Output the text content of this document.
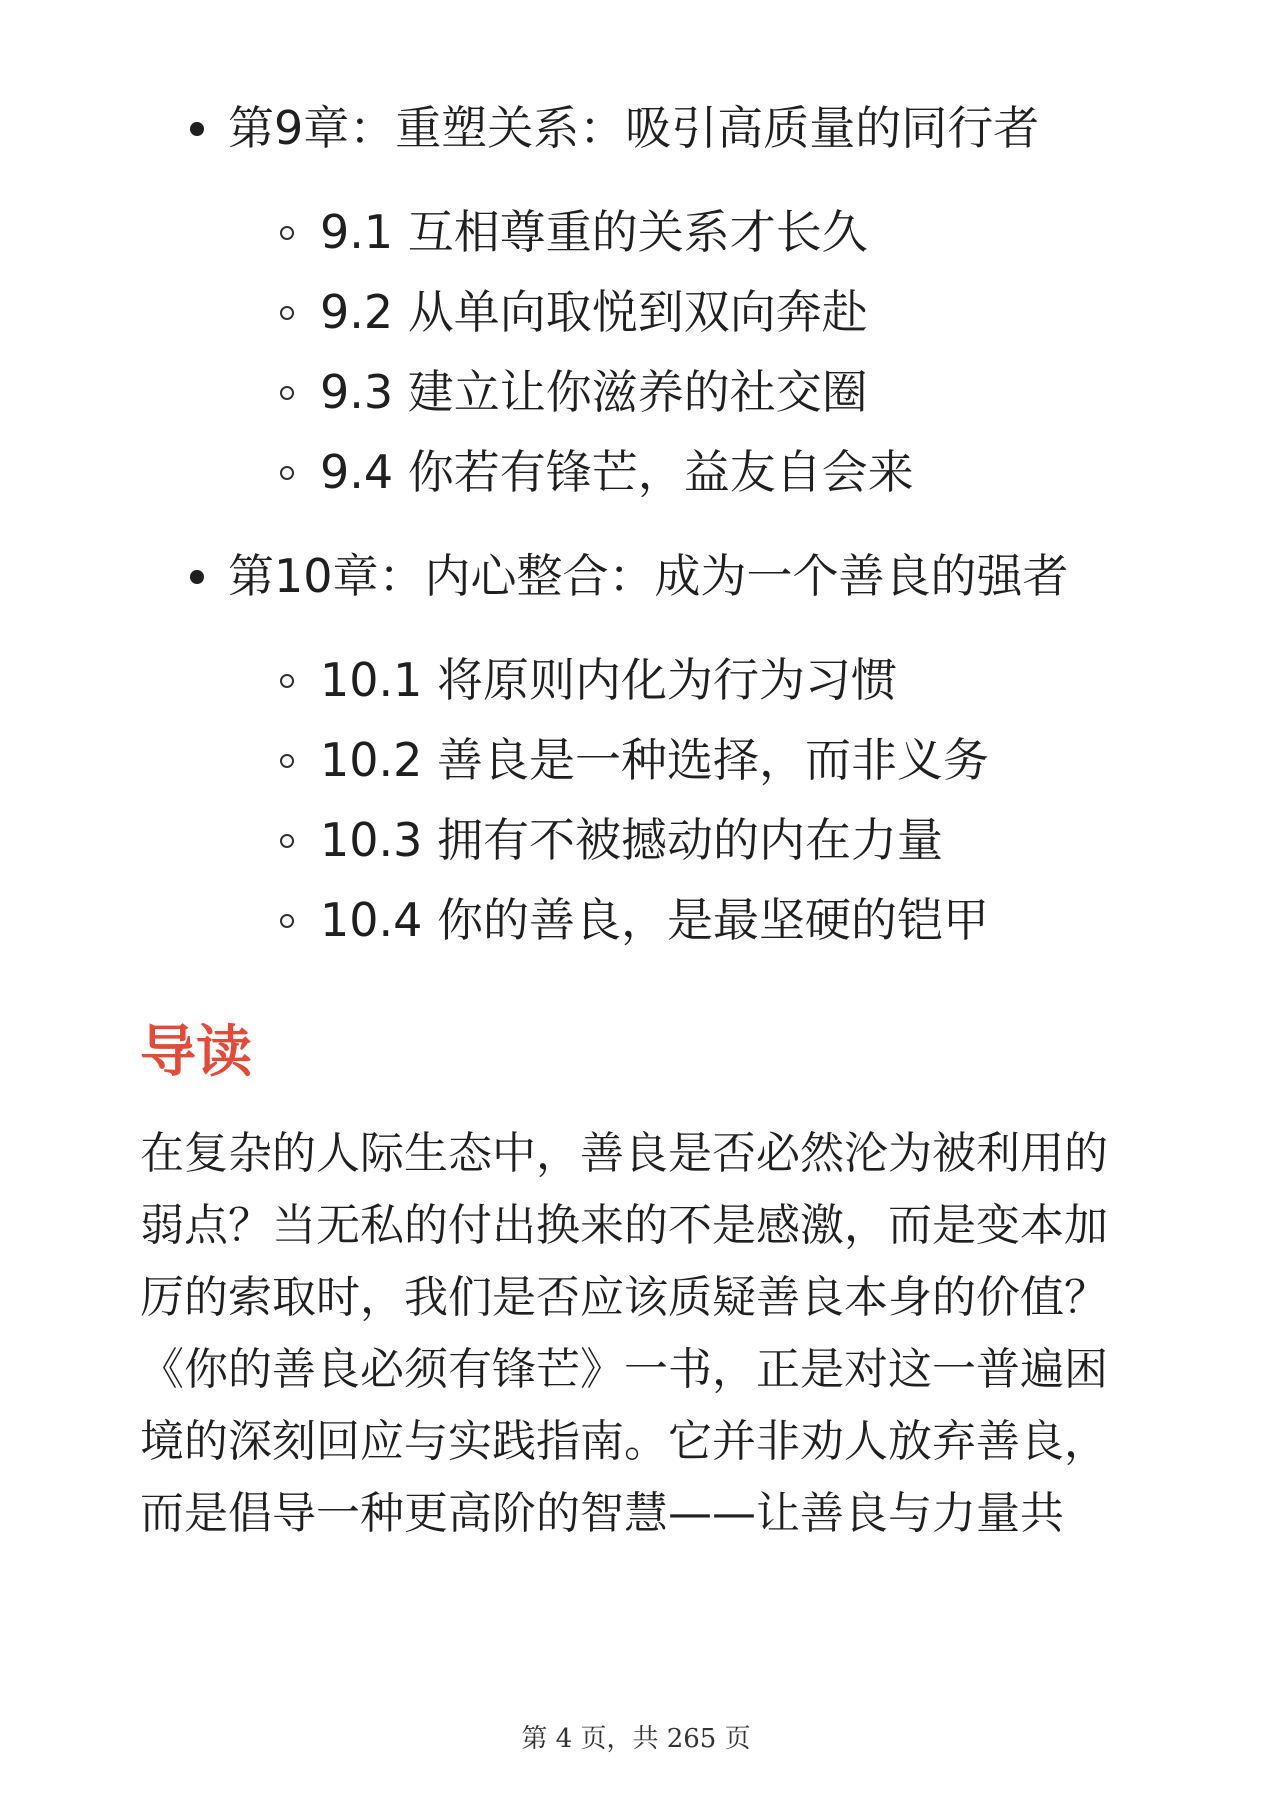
第9章：重塑关系：吸引高质量的同行者
9.1 互相尊重的关系才长久
9.2 从单向取悦到双向奔赴
9.3 建立让你滋养的社交圈
9.4 你若有锋芒，益友自会来
第10章：内心整合：成为一个善良的强者
10.1 将原则内化为行为习惯
10.2 善良是一种选择，而非义务
10.3 拥有不被撼动的内在力量
10.4 你的善良，是最坚硬的铠甲
导读
在复杂的人际生态中，善良是否必然沦为被利用的
弱点？当无私的付出换来的不是感激，而是变本加
厉的索取时，我们是否应该质疑善良本身的价值？
《你的善良必须有锋芒》一书，正是对这一普遍困
境的深刻回应与实践指南。它并非劝人放弃善良，
而是倡导一种更高阶的智慧——让善良与力量共
第 4 页，共 265 页
